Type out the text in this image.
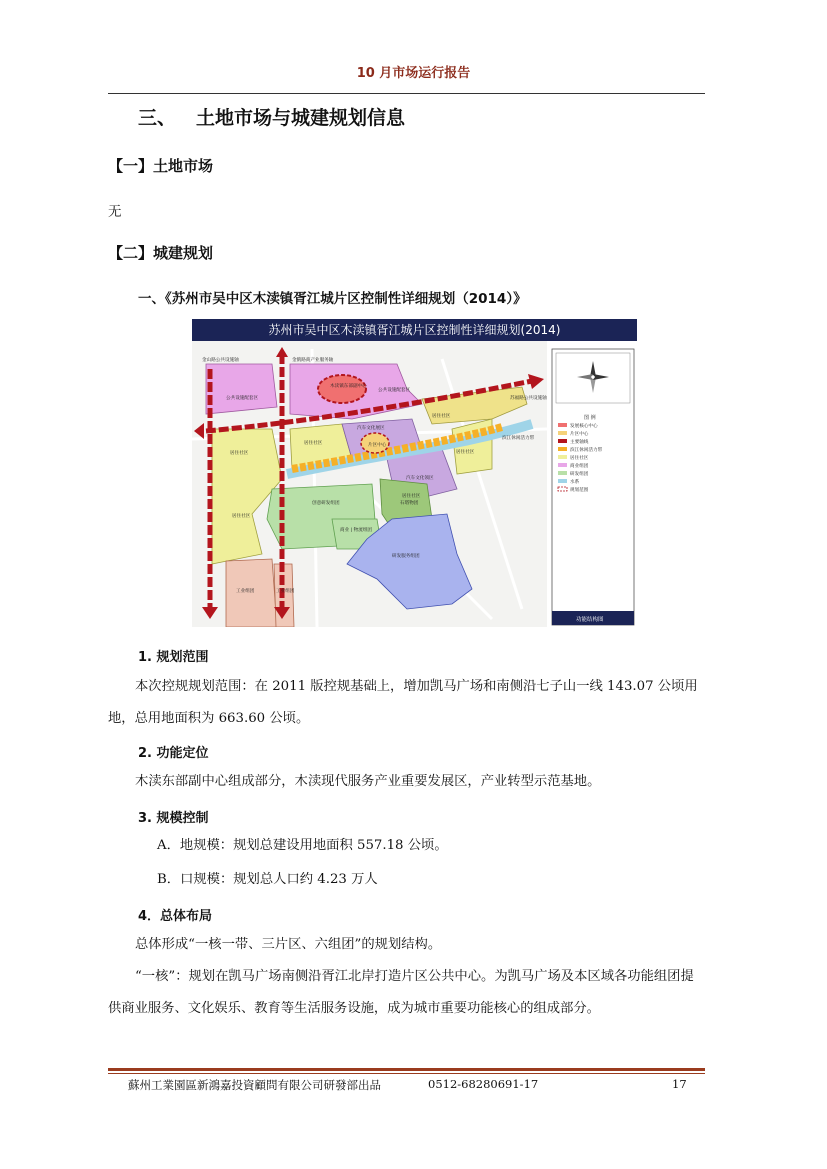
10 月市场运行报告
三、 土地市场与城建规划信息
【一】土地市场
无
【二】城建规划
一、《苏州市吴中区木渎镇胥江城片区控制性详细规划（2014）》
苏州市吴中区木渎镇胥江城片区控制性详细规划(2014)
金山路公共设施轴	金鹤路商产业服务轴
公共设施配套区
木渎镇东部副中心
公共设施配套区
苏福路公共设施轴
居住社区
居住社区
汽车文化展区
居住社区
滨江休闲活力带
片区中心
居住社区
汽车文化领区
居住社区
创意研发组团	石塔物团
居住社区
商业 | 物流组团
研发服务组团
工业组团	工业组团
图 例
发展核心中心
片区中心
主要轴线
滨江休闲活力带
居住社区
商业组团
研发组团
水系
规划范围
功能结构图
1. 规划范围
本次控规规划范围：在 2011 版控规基础上，增加凯马广场和南侧沿七子山一线 143.07 公顷用地，总用地面积为 663.60 公顷。
2. 功能定位
木渎东部副中心组成部分，木渎现代服务产业重要发展区，产业转型示范基地。
3. 规模控制
A．地规模：规划总建设用地面积 557.18 公顷。
B．口规模：规划总人口约 4.23 万人
4．总体布局
总体形成“一核一带、三片区、六组团”的规划结构。
“一核”：规划在凯马广场南侧沿胥江北岸打造片区公共中心。为凯马广场及本区域各功能组团提供商业服务、文化娱乐、教育等生活服务设施，成为城市重要功能核心的组成部分。
蘇州工業園區新鴻嘉投資顧問有限公司研發部出品	0512-68280691-17	17
